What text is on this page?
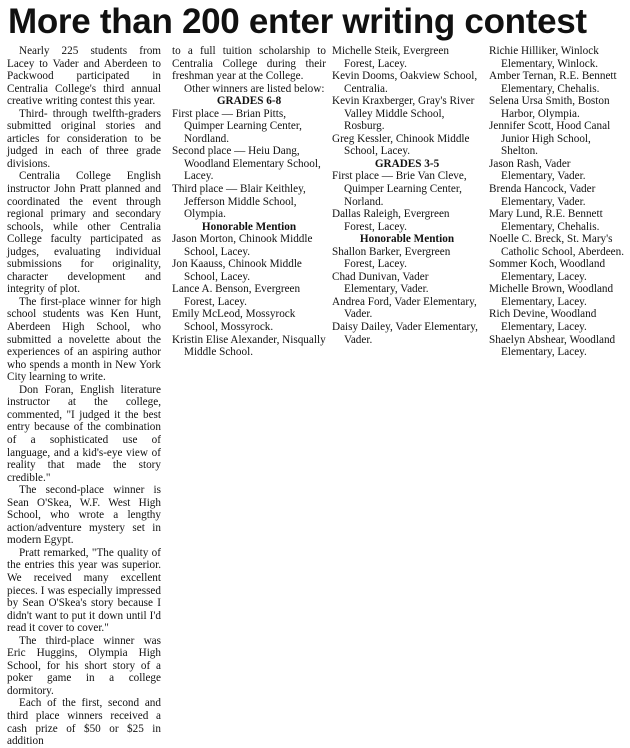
More than 200 enter writing contest

Nearly 225 students from Lacey to Vader and Aberdeen to Packwood participated in Centralia College's third annual creative writing contest this year.

Third- through twelfth-graders submitted original stories and articles for consideration to be judged in each of three grade divisions.

Centralia College English instructor John Pratt planned and coordinated the event through regional primary and secondary schools, while other Centralia College faculty participated as judges, evaluating individual submissions for originality, character development and integrity of plot.

The first-place winner for high school students was Ken Hunt, Aberdeen High School, who submitted a novelette about the experiences of an aspiring author who spends a month in New York City learning to write.

Don Foran, English literature instructor at the college, commented, "I judged it the best entry because of the combination of a sophisticated use of language, and a kid's-eye view of reality that made the story credible."

The second-place winner is Sean O'Skea, W.F. West High School, who wrote a lengthy action/adventure mystery set in modern Egypt.

Pratt remarked, "The quality of the entries this year was superior. We received many excellent pieces. I was especially impressed by Sean O'Skea's story because I didn't want to put it down until I'd read it cover to cover."

The third-place winner was Eric Huggins, Olympia High School, for his short story of a poker game in a college dormitory.

Each of the first, second and third place winners received a cash prize of $50 or $25 in addition

to a full tuition scholarship to Centralia College during their freshman year at the College.

Other winners are listed below:

GRADES 6-8

First place — Brian Pitts, Quimper Learning Center, Nordland.

Second place — Heiu Dang, Woodland Elementary School, Lacey.

Third place — Blair Keithley, Jefferson Middle School, Olympia.

Honorable Mention

Jason Morton, Chinook Middle School, Lacey.

Jon Kaauss, Chinook Middle School, Lacey.

Lance A. Benson, Evergreen Forest, Lacey.

Emily McLeod, Mossyrock School, Mossyrock.

Kristin Elise Alexander, Nisqually Middle School.

Michelle Steik, Evergreen Forest, Lacey.

Kevin Dooms, Oakview School, Centralia.

Kevin Kraxberger, Gray's River Valley Middle School, Rosburg.

Greg Kessler, Chinook Middle School, Lacey.

GRADES 3-5

First place — Brie Van Cleve, Quimper Learning Center, Norland.

Dallas Raleigh, Evergreen Forest, Lacey.

Honorable Mention

Shallon Barker, Evergreen Forest, Lacey.

Chad Dunivan, Vader Elementary, Vader.

Andrea Ford, Vader Elementary, Vader.

Daisy Dailey, Vader Elementary, Vader.

Richie Hilliker, Winlock Elementary, Winlock.

Amber Ternan, R.E. Bennett Elementary, Chehalis.

Selena Ursa Smith, Boston Harbor, Olympia.

Jennifer Scott, Hood Canal Junior High School, Shelton.

Jason Rash, Vader Elementary, Vader.

Brenda Hancock, Vader Elementary, Vader.

Mary Lund, R.E. Bennett Elementary, Chehalis.

Noelle C. Breck, St. Mary's Catholic School, Aberdeen.

Sommer Koch, Woodland Elementary, Lacey.

Michelle Brown, Woodland Elementary, Lacey.

Rich Devine, Woodland Elementary, Lacey.

Shaelyn Abshear, Woodland Elementary, Lacey.
